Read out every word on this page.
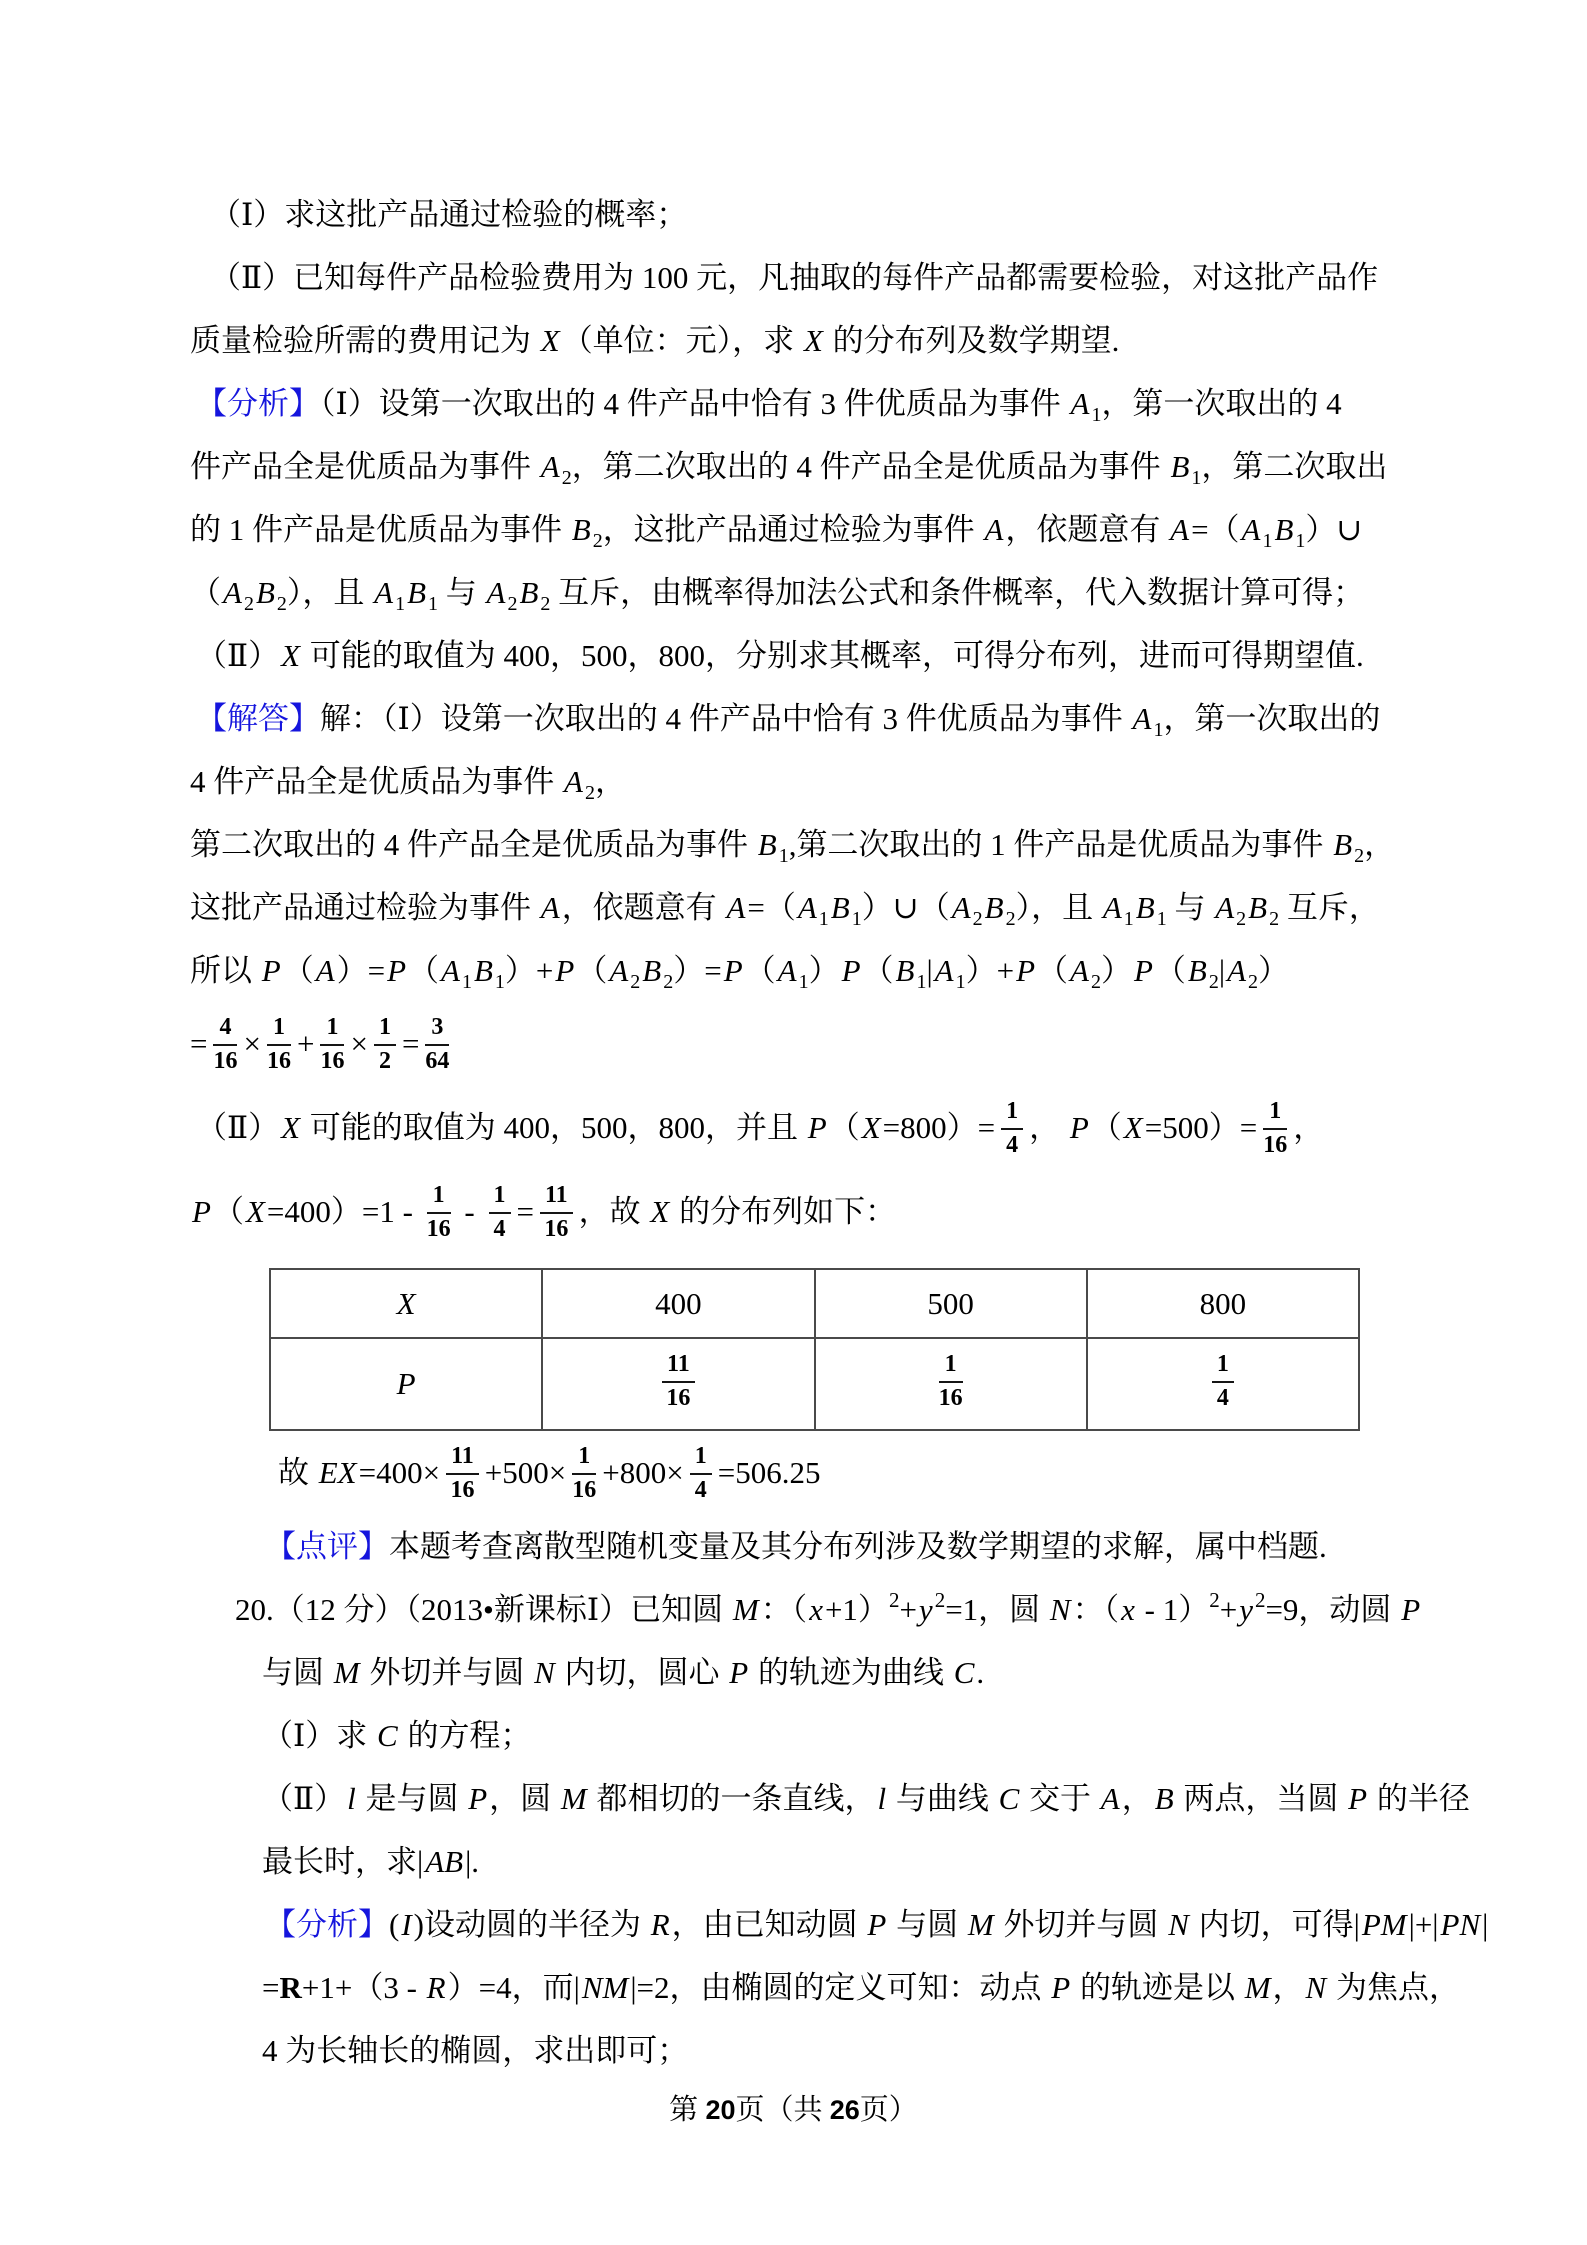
（Ⅰ）求这批产品通过检验的概率；
（Ⅱ）已知每件产品检验费用为 100 元，凡抽取的每件产品都需要检验，对这批产品作
质量检验所需的费用记为 X（单位：元），求 X 的分布列及数学期望.
【分析】（Ⅰ）设第一次取出的 4 件产品中恰有 3 件优质品为事件 A $_1$，第一次取出的 4
件产品全是优质品为事件 A $_2$，第二次取出的 4 件产品全是优质品为事件 B $_1$，第二次取出
的 1 件产品是优质品为事件 B $_2$，这批产品通过检验为事件 A，依题意有 A=（A $_1$B $_1$）∪
（A $_2$B $_2$），且 A $_1$B $_1$ 与 A $_2$B $_2$ 互斥，由概率得加法公式和条件概率，代入数据计算可得；
（Ⅱ）X 可能的取值为 400，500，800，分别求其概率，可得分布列，进而可得期望值.
【解答】解：（Ⅰ）设第一次取出的 4 件产品中恰有 3 件优质品为事件 A $_1$，第一次取出的
4 件产品全是优质品为事件 A $_2$，
第二次取出的 4 件产品全是优质品为事件 B $_1$,第二次取出的 1 件产品是优质品为事件 B $_2$，
这批产品通过检验为事件 A，依题意有 A=（A $_1$B $_1$）∪（A $_2$B $_2$），且 A $_1$B $_1$ 与 A $_2$B $_2$ 互斥，
所以 P（A）=P（A $_1$B $_1$）+P（A $_2$B $_2$）=P（A $_1$）P（B $_1$|A $_1$）+P（A $_2$）P（B $_2$|A $_2$）
= $\frac{4}{16} \times \frac{1}{16} + \frac{1}{16} \times \frac{1}{2} = \frac{3}{64}$
（Ⅱ）X 可能的取值为 400，500，800，并且 $P(X=800)= \frac{1}{4}$ ， $P(X=500)= \frac{1}{16}$ ，
$P(X=400)=1 - \frac{1}{16} - \frac{1}{4} = \frac{11}{16}$ ，故 X 的分布列如下：
X	400	500	800
P	$\frac{11}{16}$	$\frac{1}{16}$	$\frac{1}{4}$
故 $EX=400\times \frac{11}{16} +500\times \frac{1}{16} +800\times \frac{1}{4} =506.25$
【点评】本题考查离散型随机变量及其分布列涉及数学期望的求解，属中档题.
20.（12 分）（2013•新课标Ⅰ）已知圆 M：$(x+1)^2+y^2=1$，圆 N：$(x - 1)^2+y^2=9$，动圆 P
与圆 M 外切并与圆 N 内切，圆心 P 的轨迹为曲线 C.
（Ⅰ）求 C 的方程；
（Ⅱ）l 是与圆 P，圆 M 都相切的一条直线，l 与曲线 C 交于 A，B 两点，当圆 P 的半径
最长时，求|AB|.
【分析】(I)设动圆的半径为 R，由已知动圆 P 与圆 M 外切并与圆 N 内切，可得|PM|+|PN|
=R+1+（3 - R）=4，而|NM|=2，由椭圆的定义可知：动点 P 的轨迹是以 M，N 为焦点，
4 为长轴长的椭圆，求出即可；
第 20页（共 26页）
